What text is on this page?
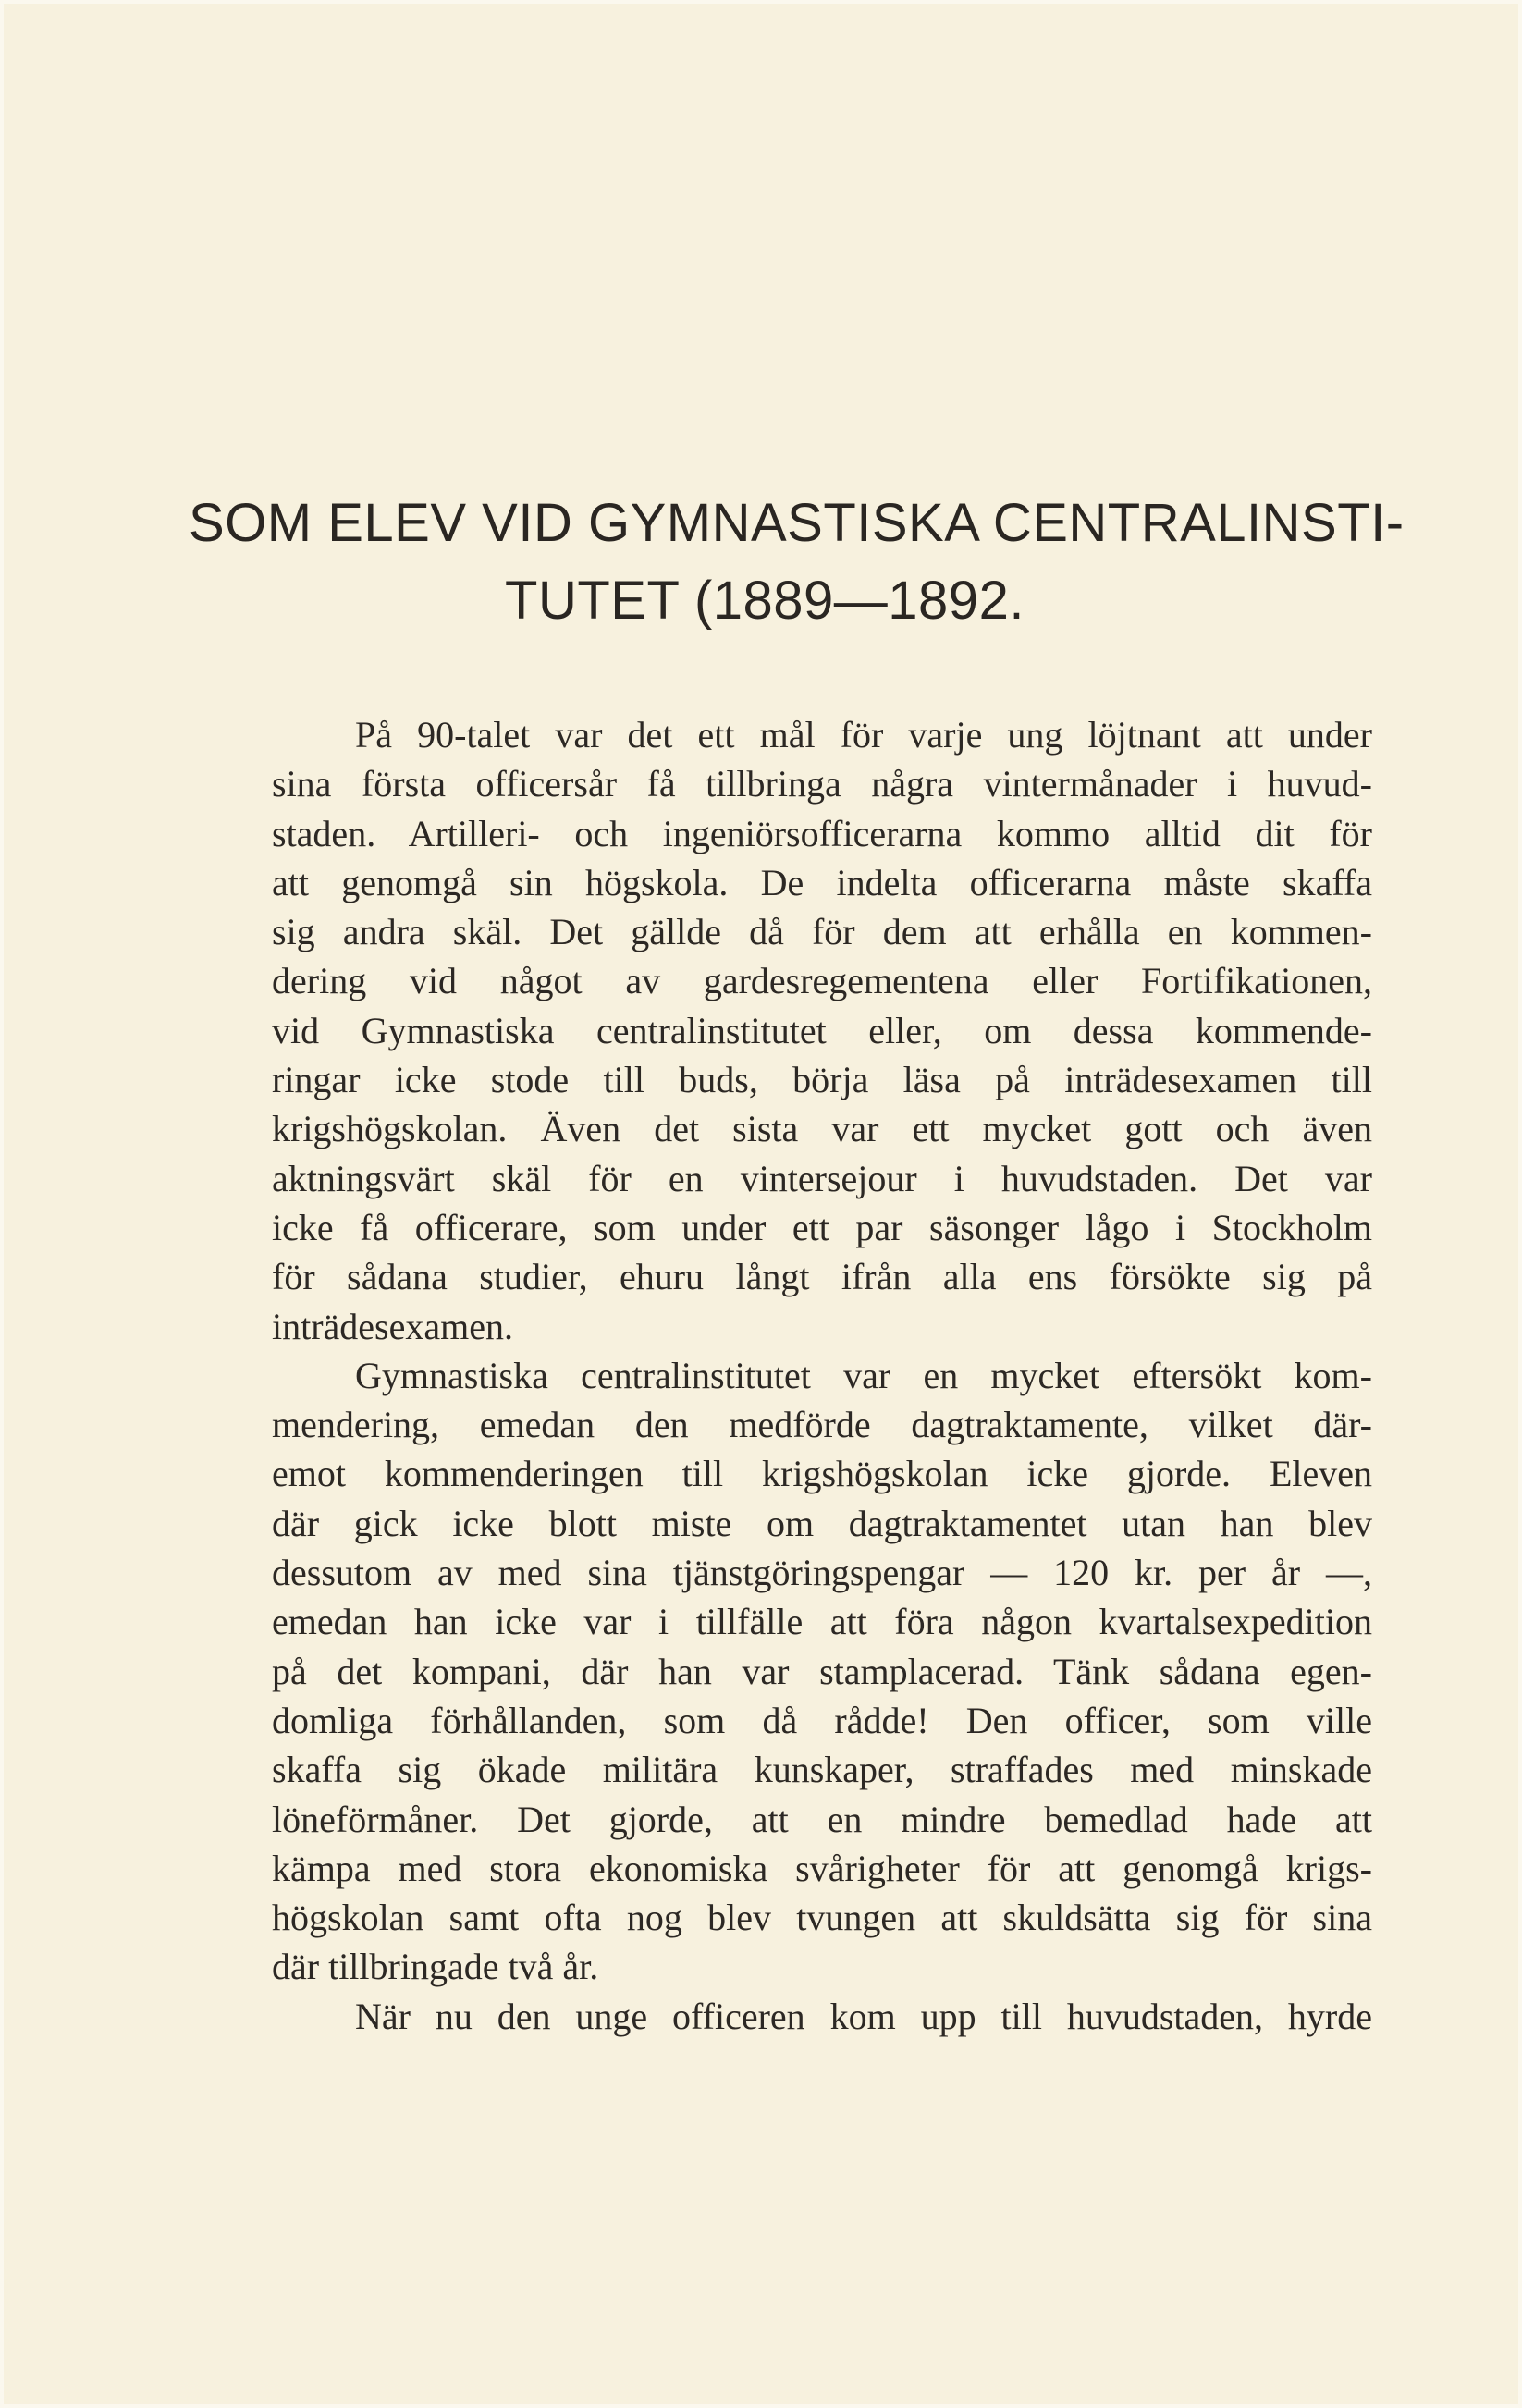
SOM ELEV VID GYMNASTISKA CENTRALINSTI-
TUTET (1889—1892.
På 90-talet var det ett mål för varje ung löjtnant att under
sina första officersår få tillbringa några vintermånader i huvud-
staden. Artilleri- och ingeniörsofficerarna kommo alltid dit för
att genomgå sin högskola. De indelta officerarna måste skaffa
sig andra skäl. Det gällde då för dem att erhålla en kommen-
dering vid något av gardesregementena eller Fortifikationen,
vid Gymnastiska centralinstitutet eller, om dessa kommende-
ringar icke stode till buds, börja läsa på inträdesexamen till
krigshögskolan. Även det sista var ett mycket gott och även
aktningsvärt skäl för en vintersejour i huvudstaden. Det var
icke få officerare, som under ett par säsonger lågo i Stockholm
för sådana studier, ehuru långt ifrån alla ens försökte sig på
inträdesexamen.
Gymnastiska centralinstitutet var en mycket eftersökt kom-
mendering, emedan den medförde dagtraktamente, vilket där-
emot kommenderingen till krigshögskolan icke gjorde. Eleven
där gick icke blott miste om dagtraktamentet utan han blev
dessutom av med sina tjänstgöringspengar — 120 kr. per år —,
emedan han icke var i tillfälle att föra någon kvartalsexpedition
på det kompani, där han var stamplacerad. Tänk sådana egen-
domliga förhållanden, som då rådde! Den officer, som ville
skaffa sig ökade militära kunskaper, straffades med minskade
löneförmåner. Det gjorde, att en mindre bemedlad hade att
kämpa med stora ekonomiska svårigheter för att genomgå krigs-
högskolan samt ofta nog blev tvungen att skuldsätta sig för sina
där tillbringade två år.
När nu den unge officeren kom upp till huvudstaden, hyrde
